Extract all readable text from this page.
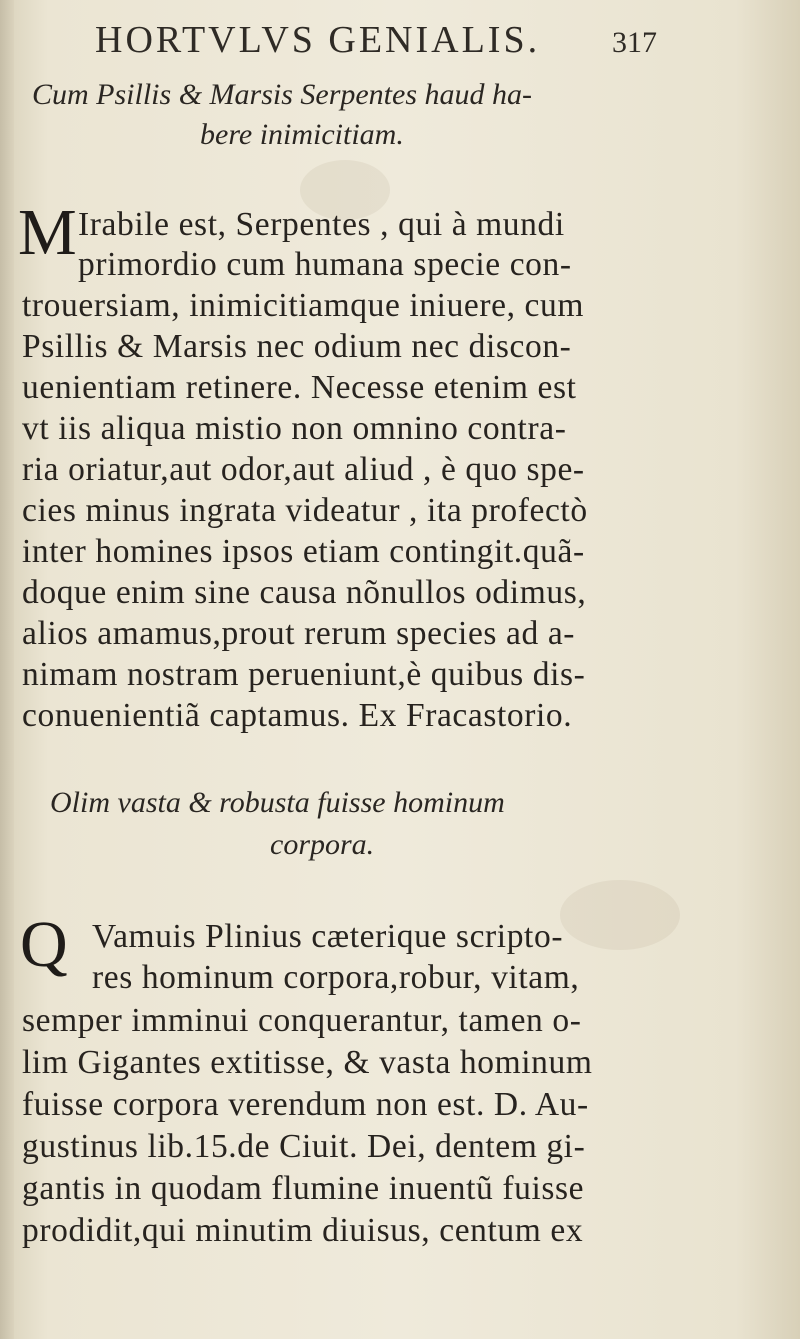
HORTVLVS GENIALIS. 317
Cum Psillis & Marsis Serpentes haud ha-
bere inimicitiam.
M Irabile est, Serpentes , qui à mundi
primordio cum humana specie con-
trouersiam, inimicitiamque iniuere, cum
Psillis & Marsis nec odium nec discon-
uenientiam retinere. Necesse etenim est
vt iis aliqua mistio non omnino contra-
ria oriatur,aut odor,aut aliud , è quo spe-
cies minus ingrata videatur , ita profectò
inter homines ipsos etiam contingit.quã-
doque enim sine causa nõnullos odimus,
alios amamus,prout rerum species ad a-
nimam nostram perueniunt,è quibus dis-
conuenientiã captamus. Ex Fracastorio.
Olim vasta & robusta fuisse hominum
corpora.
Q Vamuis Plinius cæterique scripto-
res hominum corpora,robur, vitam,
semper imminui conquerantur, tamen o-
lim Gigantes extitisse, & vasta hominum
fuisse corpora verendum non est. D. Au-
gustinus lib.15.de Ciuit. Dei, dentem gi-
gantis in quodam flumine inuentũ fuisse
prodidit,qui minutim diuisus, centum ex
